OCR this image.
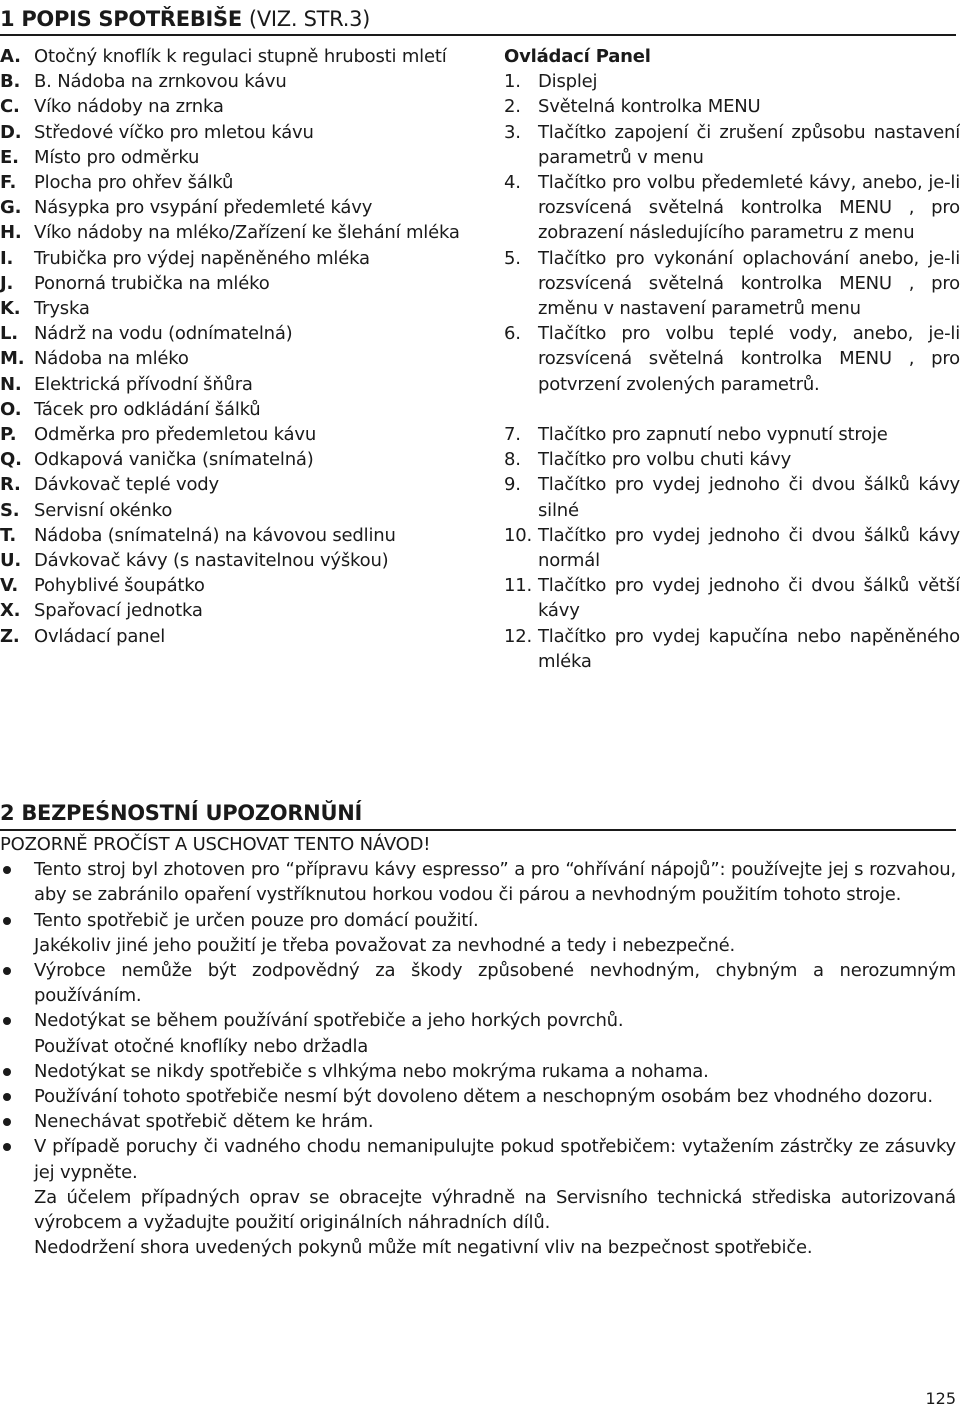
1 POPIS SPOTŘEBIŠE (VIZ. STR.3)
A. Otočný knoflík k regulaci stupně hrubosti mletí
B. B. Nádoba na zrnkovou kávu
C. Víko nádoby na zrnka
D. Středové víčko pro mletou kávu
E. Místo pro odměrku
F. Plocha pro ohřev šálků
G. Násypka pro vsypání předemleté kávy
H. Víko nádoby na mléko/Zařízení ke šlehání mléka
I.	Trubička pro výdej napěněného mléka
J.	Ponorná trubička na mléko
K. Tryska
L. Nádrž na vodu (odnímatelná)
M. Nádoba na mléko
N. Elektrická přívodní šňůra
O. Tácek pro odkládání šálků
P. Odměrka pro předemletou kávu
Q. Odkapová vanička (snímatelná)
R. Dávkovač teplé vody
S. Servisní okénko
T.	Nádoba (snímatelná) na kávovou sedlinu
U. Dávkovač kávy (s nastavitelnou výškou)
V. Pohyblivé šoupátko
X. Spařovací jednotka
Z. Ovládací panel
Ovládací Panel
1. Displej
2. Světelná kontrolka MENU
3. Tlačítko zapojení či zrušení způsobu nastavení parametrů v menu
4. Tlačítko pro volbu předemleté kávy, anebo, je-li rozsvícená světelná kontrolka MENU , pro zobrazení následujícího parametru z menu
5. Tlačítko pro vykonání oplachování anebo, je-li rozsvícená světelná kontrolka MENU , pro změnu v nastavení parametrů menu
6. Tlačítko pro volbu teplé vody, anebo, je-li rozsvícená světelná kontrolka MENU , pro potvrzení zvolených parametrů.
7. Tlačítko pro zapnutí nebo vypnutí stroje
8. Tlačítko pro volbu chuti kávy
9. Tlačítko pro vydej jednoho či dvou šálků kávy silné
10. Tlačítko pro vydej jednoho či dvou šálků kávy normál
11. Tlačítko pro vydej jednoho či dvou šálků větší kávy
12. Tlačítko pro vydej kapučína nebo napěněného mléka
2 BEZPEŚNOSTNÍ UPOZORNŬNÍ
POZORNĚ PROČÍST A USCHOVAT TENTO NÁVOD!

Tento stroj byl zhotoven pro “přípravu kávy espresso” a pro “ohřívání nápojů”: používejte jej s rozvahou, aby se zabránilo opaření vystříknutou horkou vodou či párou a nevhodným použitím tohoto stroje.

Tento spotřebič je určen pouze pro domácí použití.

Jakékoliv jiné jeho použití je třeba považovat za nevhodné a tedy i nebezpečné.

Výrobce nemůže být zodpovědný za škody způsobené nevhodným, chybným a nerozumným používáním.

Nedotýkat se během používání spotřebiče a jeho horkých povrchů.

Používat otočné knoflíky nebo držadla

Nedotýkat se nikdy spotřebiče s vlhkýma nebo mokrýma rukama a nohama.

Používání tohoto spotřebiče nesmí být dovoleno dětem a neschopným osobám bez vhodného dozoru.

Nenechávat spotřebič dětem ke hrám.

V případě poruchy či vadného chodu nemanipulujte pokud spotřebičem: vytažením zástrčky ze zásuvky jej vypněte.

Za účelem případných oprav se obracejte výhradně na Servisního technická střediska autorizovaná výrobcem a vyžadujte použití originálních náhradních dílů.

Nedodržení shora uvedených pokynů může mít negativní vliv na bezpečnost spotřebiče.

125
